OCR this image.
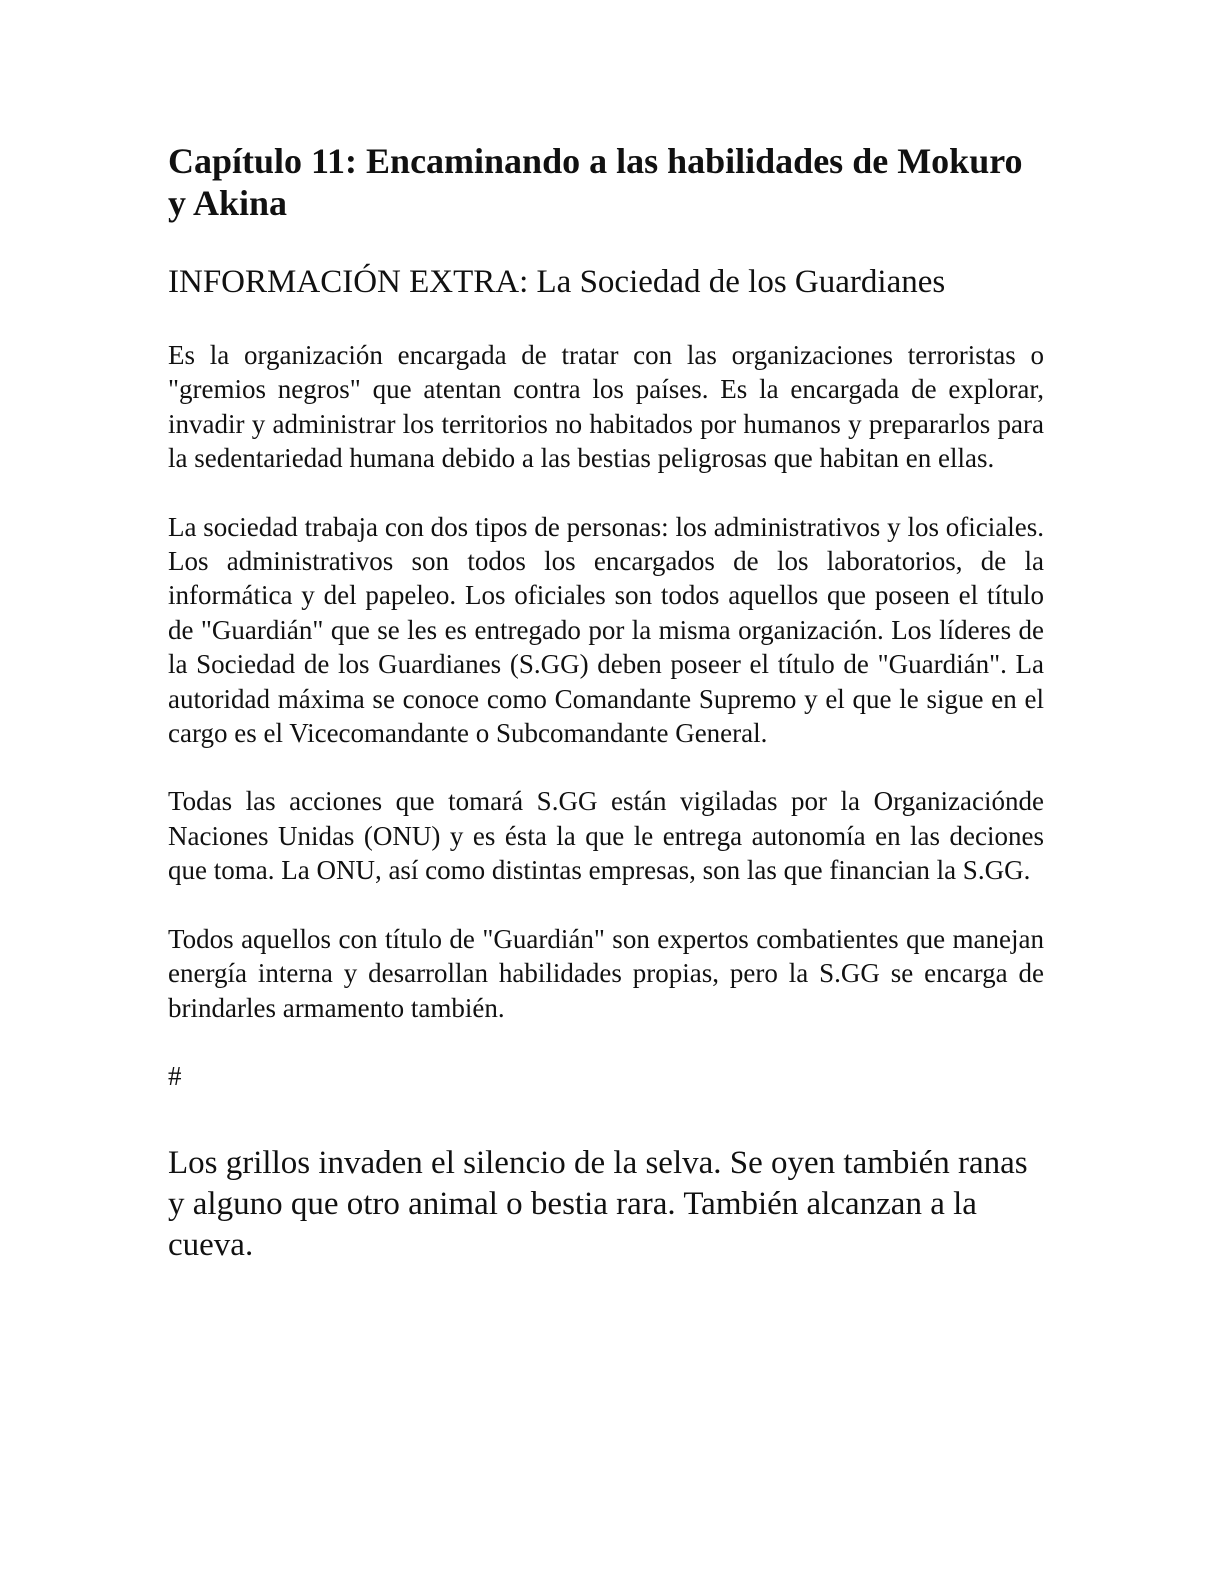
Capítulo 11: Encaminando a las habilidades de Mokuro y Akina
INFORMACIÓN EXTRA: La Sociedad de los Guardianes

Es la organización encargada de tratar con las organizaciones terroristas o "gremios negros" que atentan contra los países. Es la encargada de explorar, invadir y administrar los territorios no habitados por humanos y prepararlos para la sedentariedad humana debido a las bestias peligrosas que habitan en ellas.

La sociedad trabaja con dos tipos de personas: los administrativos y los oficiales. Los administrativos son todos los encargados de los laboratorios, de la informática y del papeleo. Los oficiales son todos aquellos que poseen el título de "Guardián" que se les es entregado por la misma organización. Los líderes de la Sociedad de los Guardianes (S.GG) deben poseer el título de "Guardián". La autoridad máxima se conoce como Comandante Supremo y el que le sigue en el cargo es el Vicecomandante o Subcomandante General.

Todas las acciones que tomará S.GG están vigiladas por la Organizaciónde Naciones Unidas (ONU) y es ésta la que le entrega autonomía en las deciones que toma. La ONU, así como distintas empresas, son las que financian la S.GG.

Todos aquellos con título de "Guardián" son expertos combatientes que manejan energía interna y desarrollan habilidades propias, pero la S.GG se encarga de brindarles armamento también.

#

Los grillos invaden el silencio de la selva. Se oyen también ranas y alguno que otro animal o bestia rara. También alcanzan a la cueva.
